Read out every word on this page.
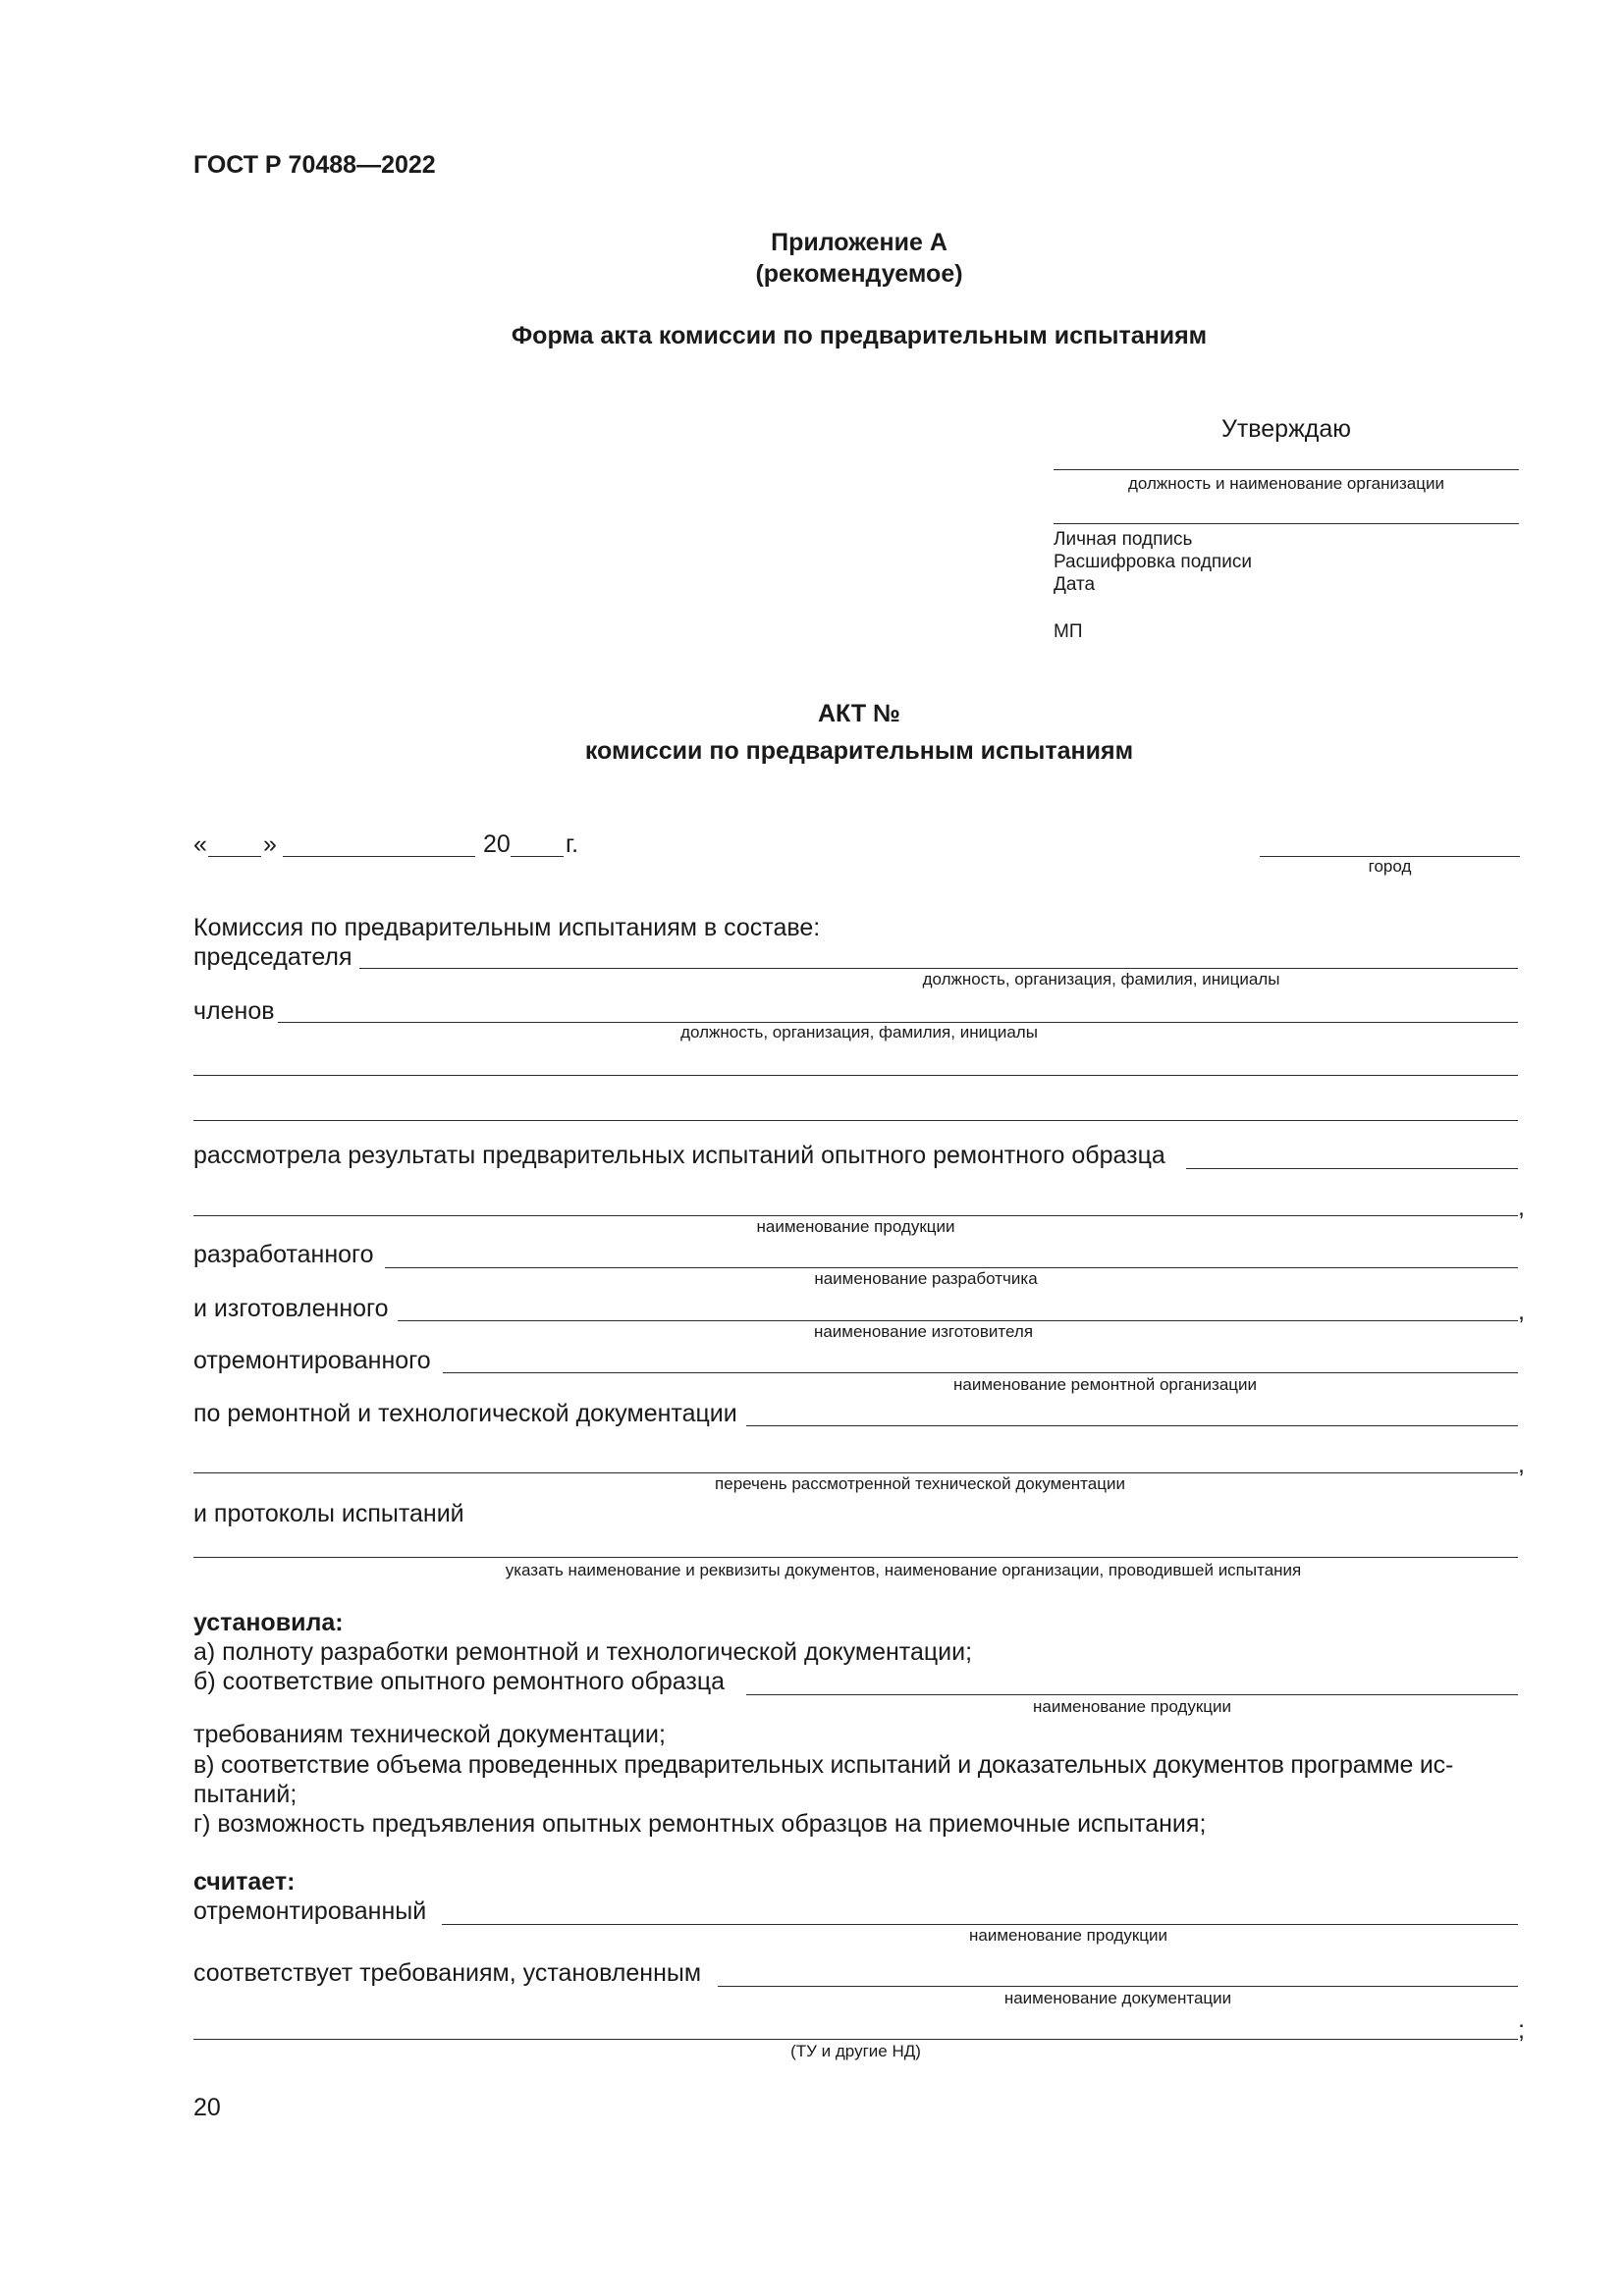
ГОСТ Р 70488—2022
Приложение А
(рекомендуемое)
Форма акта комиссии по предварительным испытаниям
Утверждаю
должность и наименование организации
Личная подпись
Расшифровка подписи
Дата
МП
АКТ №
комиссии по предварительным испытаниям
« »	20 г.
город
Комиссия по предварительным испытаниям в составе:
председателя
должность, организация, фамилия, инициалы
членов
должность, организация, фамилия, инициалы
рассмотрела результаты предварительных испытаний опытного ремонтного образца
,
наименование продукции
разработанного
наименование разработчика
и изготовленного	,
наименование изготовителя
отремонтированного
наименование ремонтной организации
по ремонтной и технологической документации
,
перечень рассмотренной технической документации
и протоколы испытаний
указать наименование и реквизиты документов, наименование организации, проводившей испытания
установила:
а) полноту разработки ремонтной и технологической документации;
б) соответствие опытного ремонтного образца
наименование продукции
требованиям технической документации;
в) соответствие объема проведенных предварительных испытаний и доказательных документов программе ис-
пытаний;
г) возможность предъявления опытных ремонтных образцов на приемочные испытания;
считает:
отремонтированный
наименование продукции
соответствует требованиям, установленным
наименование документации
;
(ТУ и другие НД)
20
